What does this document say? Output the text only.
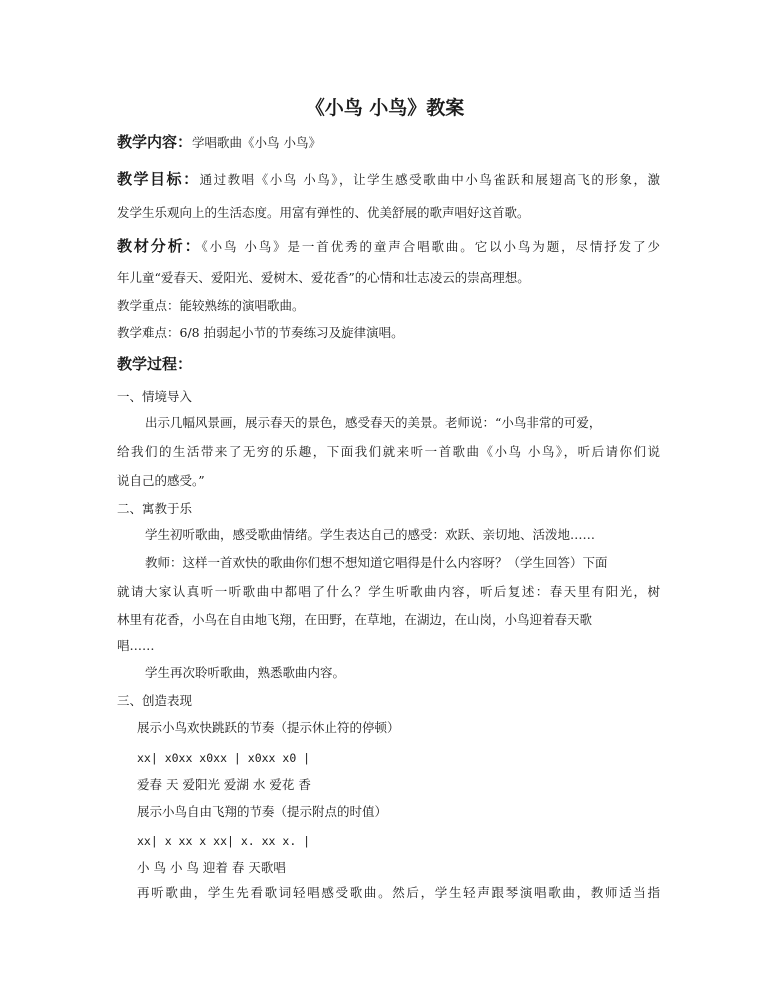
《小鸟 小鸟》教案
教学内容：学唱歌曲《小鸟 小鸟》
教学目标：通过教唱《小鸟 小鸟》，让学生感受歌曲中小鸟雀跃和展翅高飞的形象，激
发学生乐观向上的生活态度。用富有弹性的、优美舒展的歌声唱好这首歌。
教材分析：《小鸟 小鸟》是一首优秀的童声合唱歌曲。它以小鸟为题，尽情抒发了少
年儿童“爱春天、爱阳光、爱树木、爱花香”的心情和壮志凌云的崇高理想。
教学重点：能较熟练的演唱歌曲。
教学难点：6/8 拍弱起小节的节奏练习及旋律演唱。
教学过程：
一、情境导入
出示几幅风景画，展示春天的景色，感受春天的美景。老师说：“小鸟非常的可爱，
给我们的生活带来了无穷的乐趣，下面我们就来听一首歌曲《小鸟 小鸟》，听后请你们说
说自己的感受。”
二、寓教于乐
学生初听歌曲，感受歌曲情绪。学生表达自己的感受：欢跃、亲切地、活泼地……
教师：这样一首欢快的歌曲你们想不想知道它唱得是什么内容呀？（学生回答）下面
就请大家认真听一听歌曲中都唱了什么？学生听歌曲内容，听后复述：春天里有阳光，树
林里有花香，小鸟在自由地飞翔，在田野，在草地，在湖边，在山岗，小鸟迎着春天歌
唱……
学生再次聆听歌曲，熟悉歌曲内容。
三、创造表现
展示小鸟欢快跳跃的节奏（提示休止符的停顿）
xx| x0xx x0xx | x0xx x0 |
爱春 天 爱阳光 爱湖 水 爱花 香
展示小鸟自由飞翔的节奏（提示附点的时值）
xx| x xx x xx| x. xx x. |
小 鸟 小 鸟 迎着 春 天歌唱
再听歌曲，学生先看歌词轻唱感受歌曲。然后，学生轻声跟琴演唱歌曲，教师适当指
